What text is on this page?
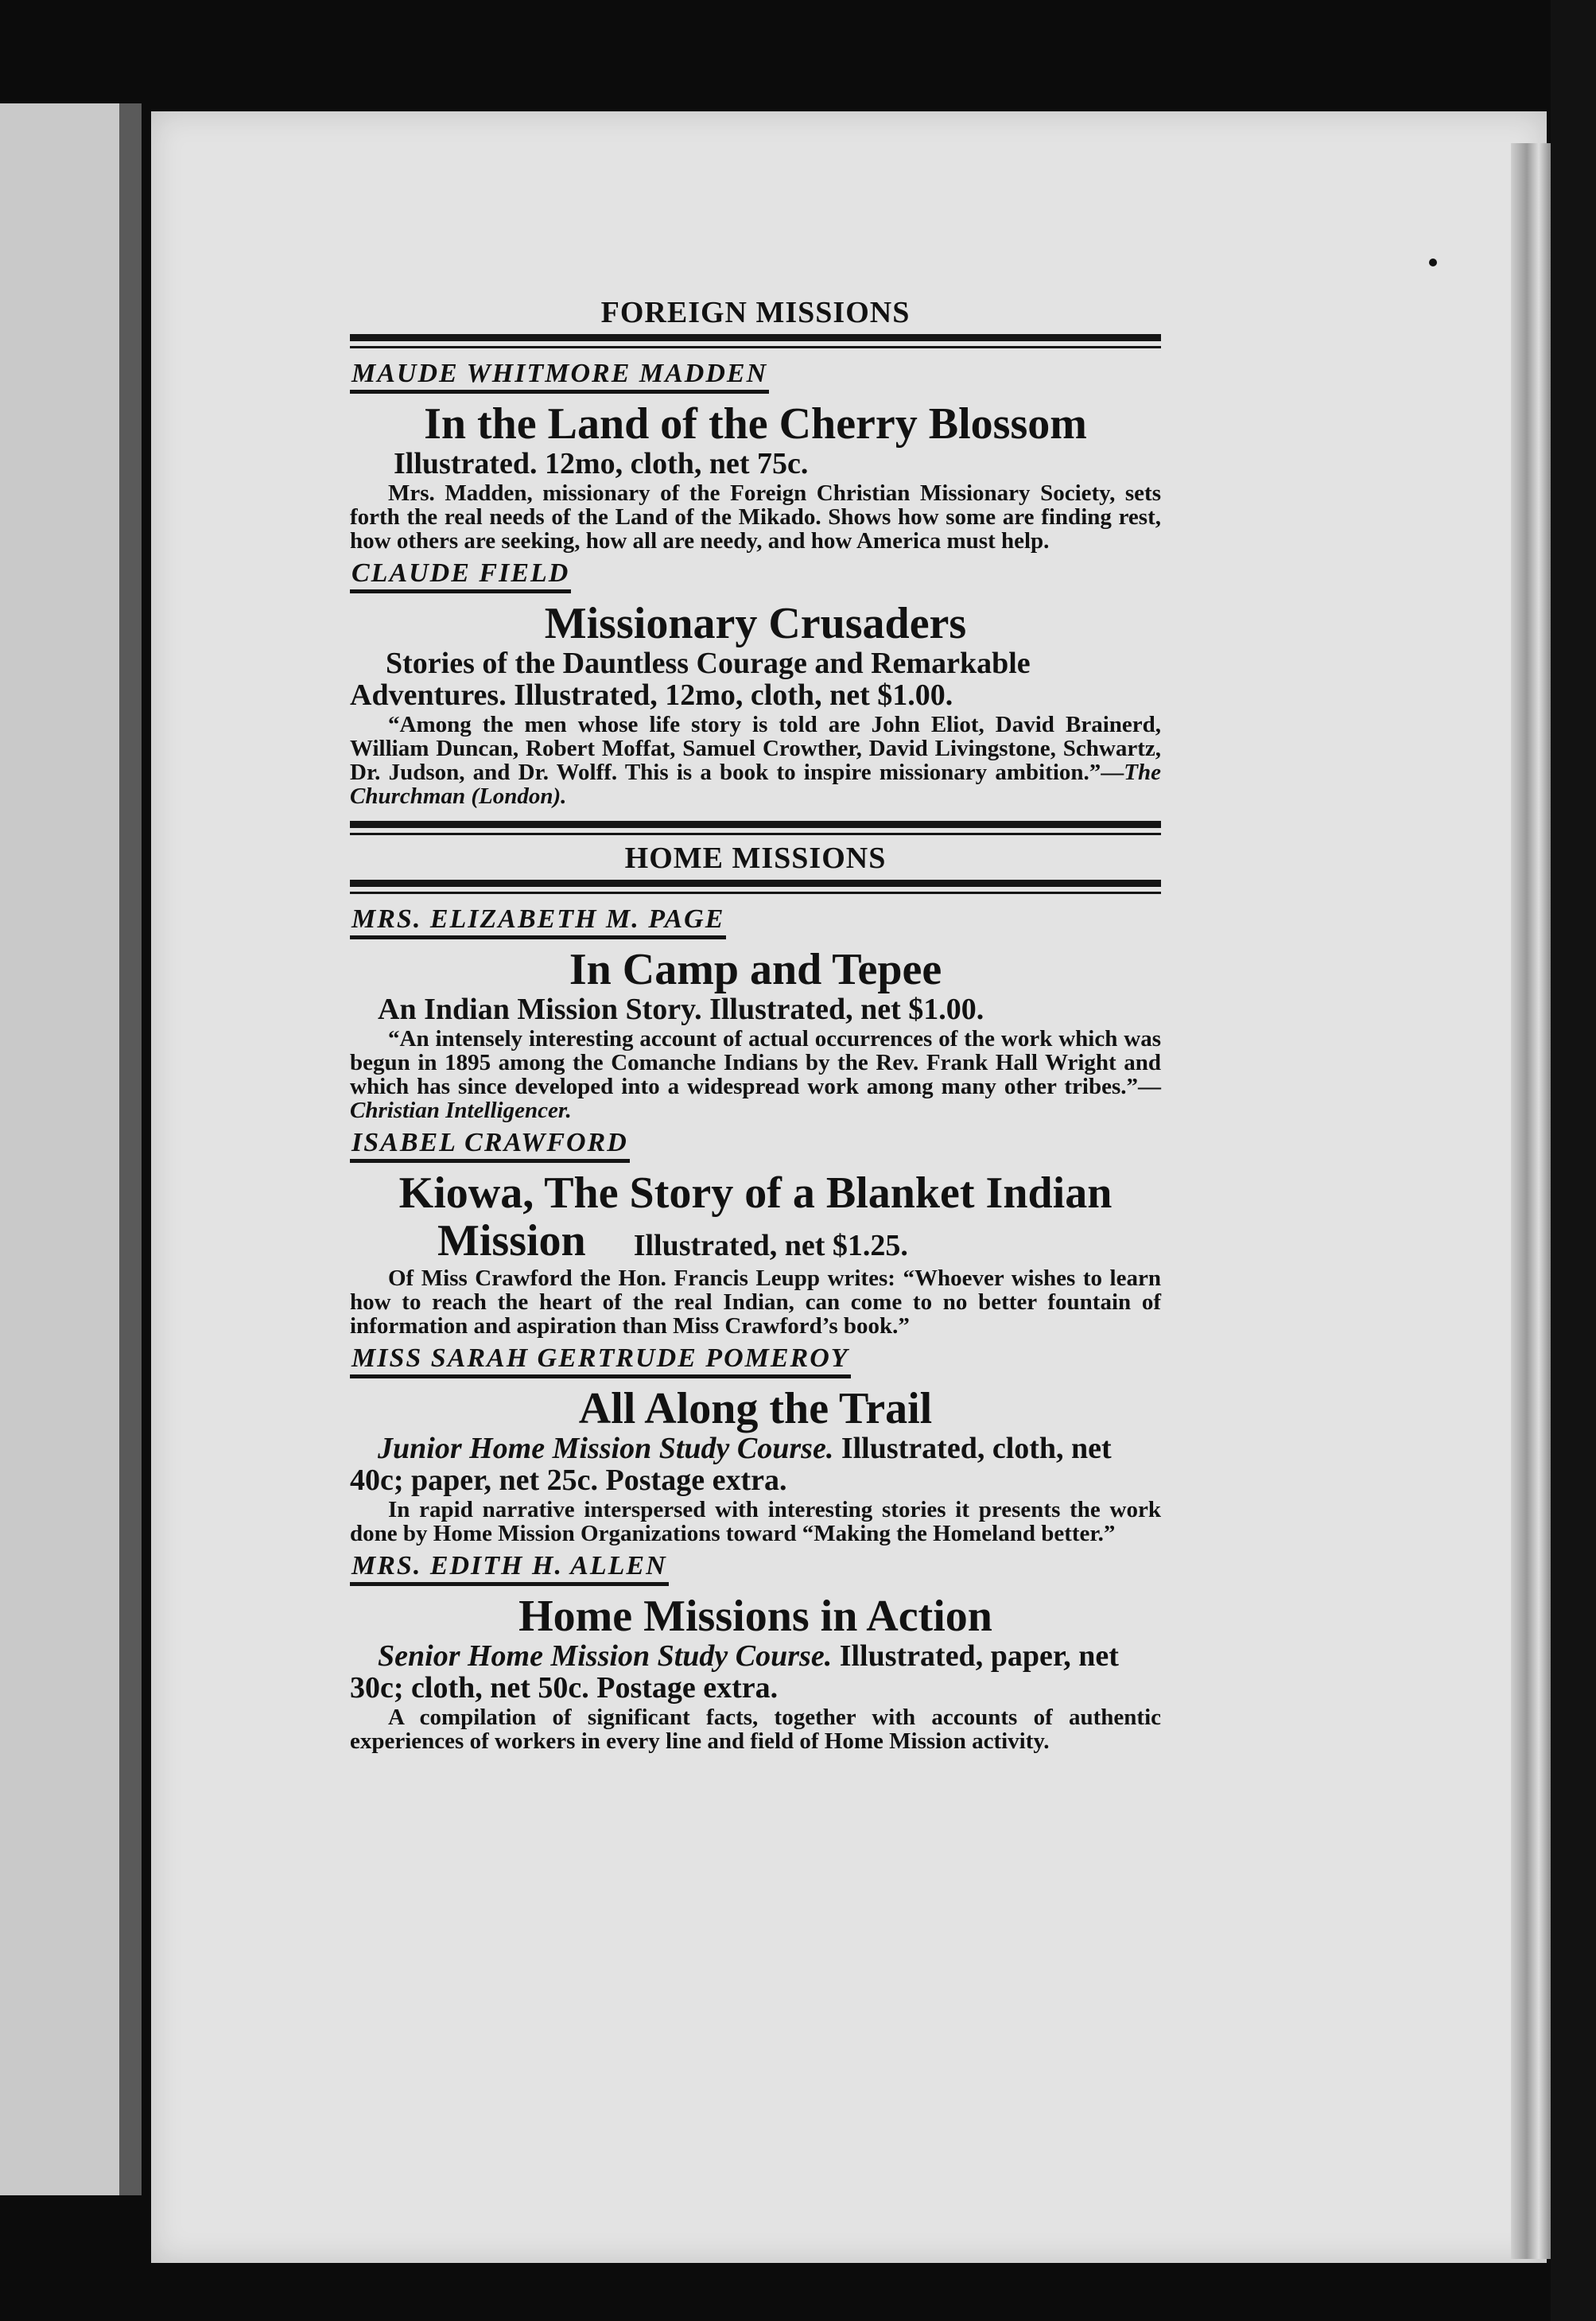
FOREIGN MISSIONS
MAUDE WHITMORE MADDEN
In the Land of the Cherry Blossom
Illustrated. 12mo, cloth, net 75c.

Mrs. Madden, missionary of the Foreign Christian Missionary Society, sets forth the real needs of the Land of the Mikado. Shows how some are finding rest, how others are seeking, how all are needy, and how America must help.

CLAUDE FIELD
Missionary Crusaders
Stories of the Dauntless Courage and Remarkable Adventures. Illustrated, 12mo, cloth, net $1.00.

“Among the men whose life story is told are John Eliot, David Brainerd, William Duncan, Robert Moffat, Samuel Crowther, David Livingstone, Schwartz, Dr. Judson, and Dr. Wolff. This is a book to inspire missionary ambition.”—The Churchman (London).

HOME MISSIONS
MRS. ELIZABETH M. PAGE
In Camp and Tepee
An Indian Mission Story. Illustrated, net $1.00.

“An intensely interesting account of actual occurrences of the work which was begun in 1895 among the Comanche Indians by the Rev. Frank Hall Wright and which has since developed into a widespread work among many other tribes.”—Christian Intelligencer.

ISABEL CRAWFORD
Kiowa, The Story of a Blanket Indian
Mission Illustrated, net $1.25.

Of Miss Crawford the Hon. Francis Leupp writes: “Whoever wishes to learn how to reach the heart of the real Indian, can come to no better fountain of information and aspiration than Miss Crawford’s book.”

MISS SARAH GERTRUDE POMEROY
All Along the Trail
Junior Home Mission Study Course. Illustrated, cloth, net 40c; paper, net 25c. Postage extra.

In rapid narrative interspersed with interesting stories it presents the work done by Home Mission Organizations toward “Making the Homeland better.”

MRS. EDITH H. ALLEN
Home Missions in Action
Senior Home Mission Study Course. Illustrated, paper, net 30c; cloth, net 50c. Postage extra.

A compilation of significant facts, together with accounts of authentic experiences of workers in every line and field of Home Mission activity.
